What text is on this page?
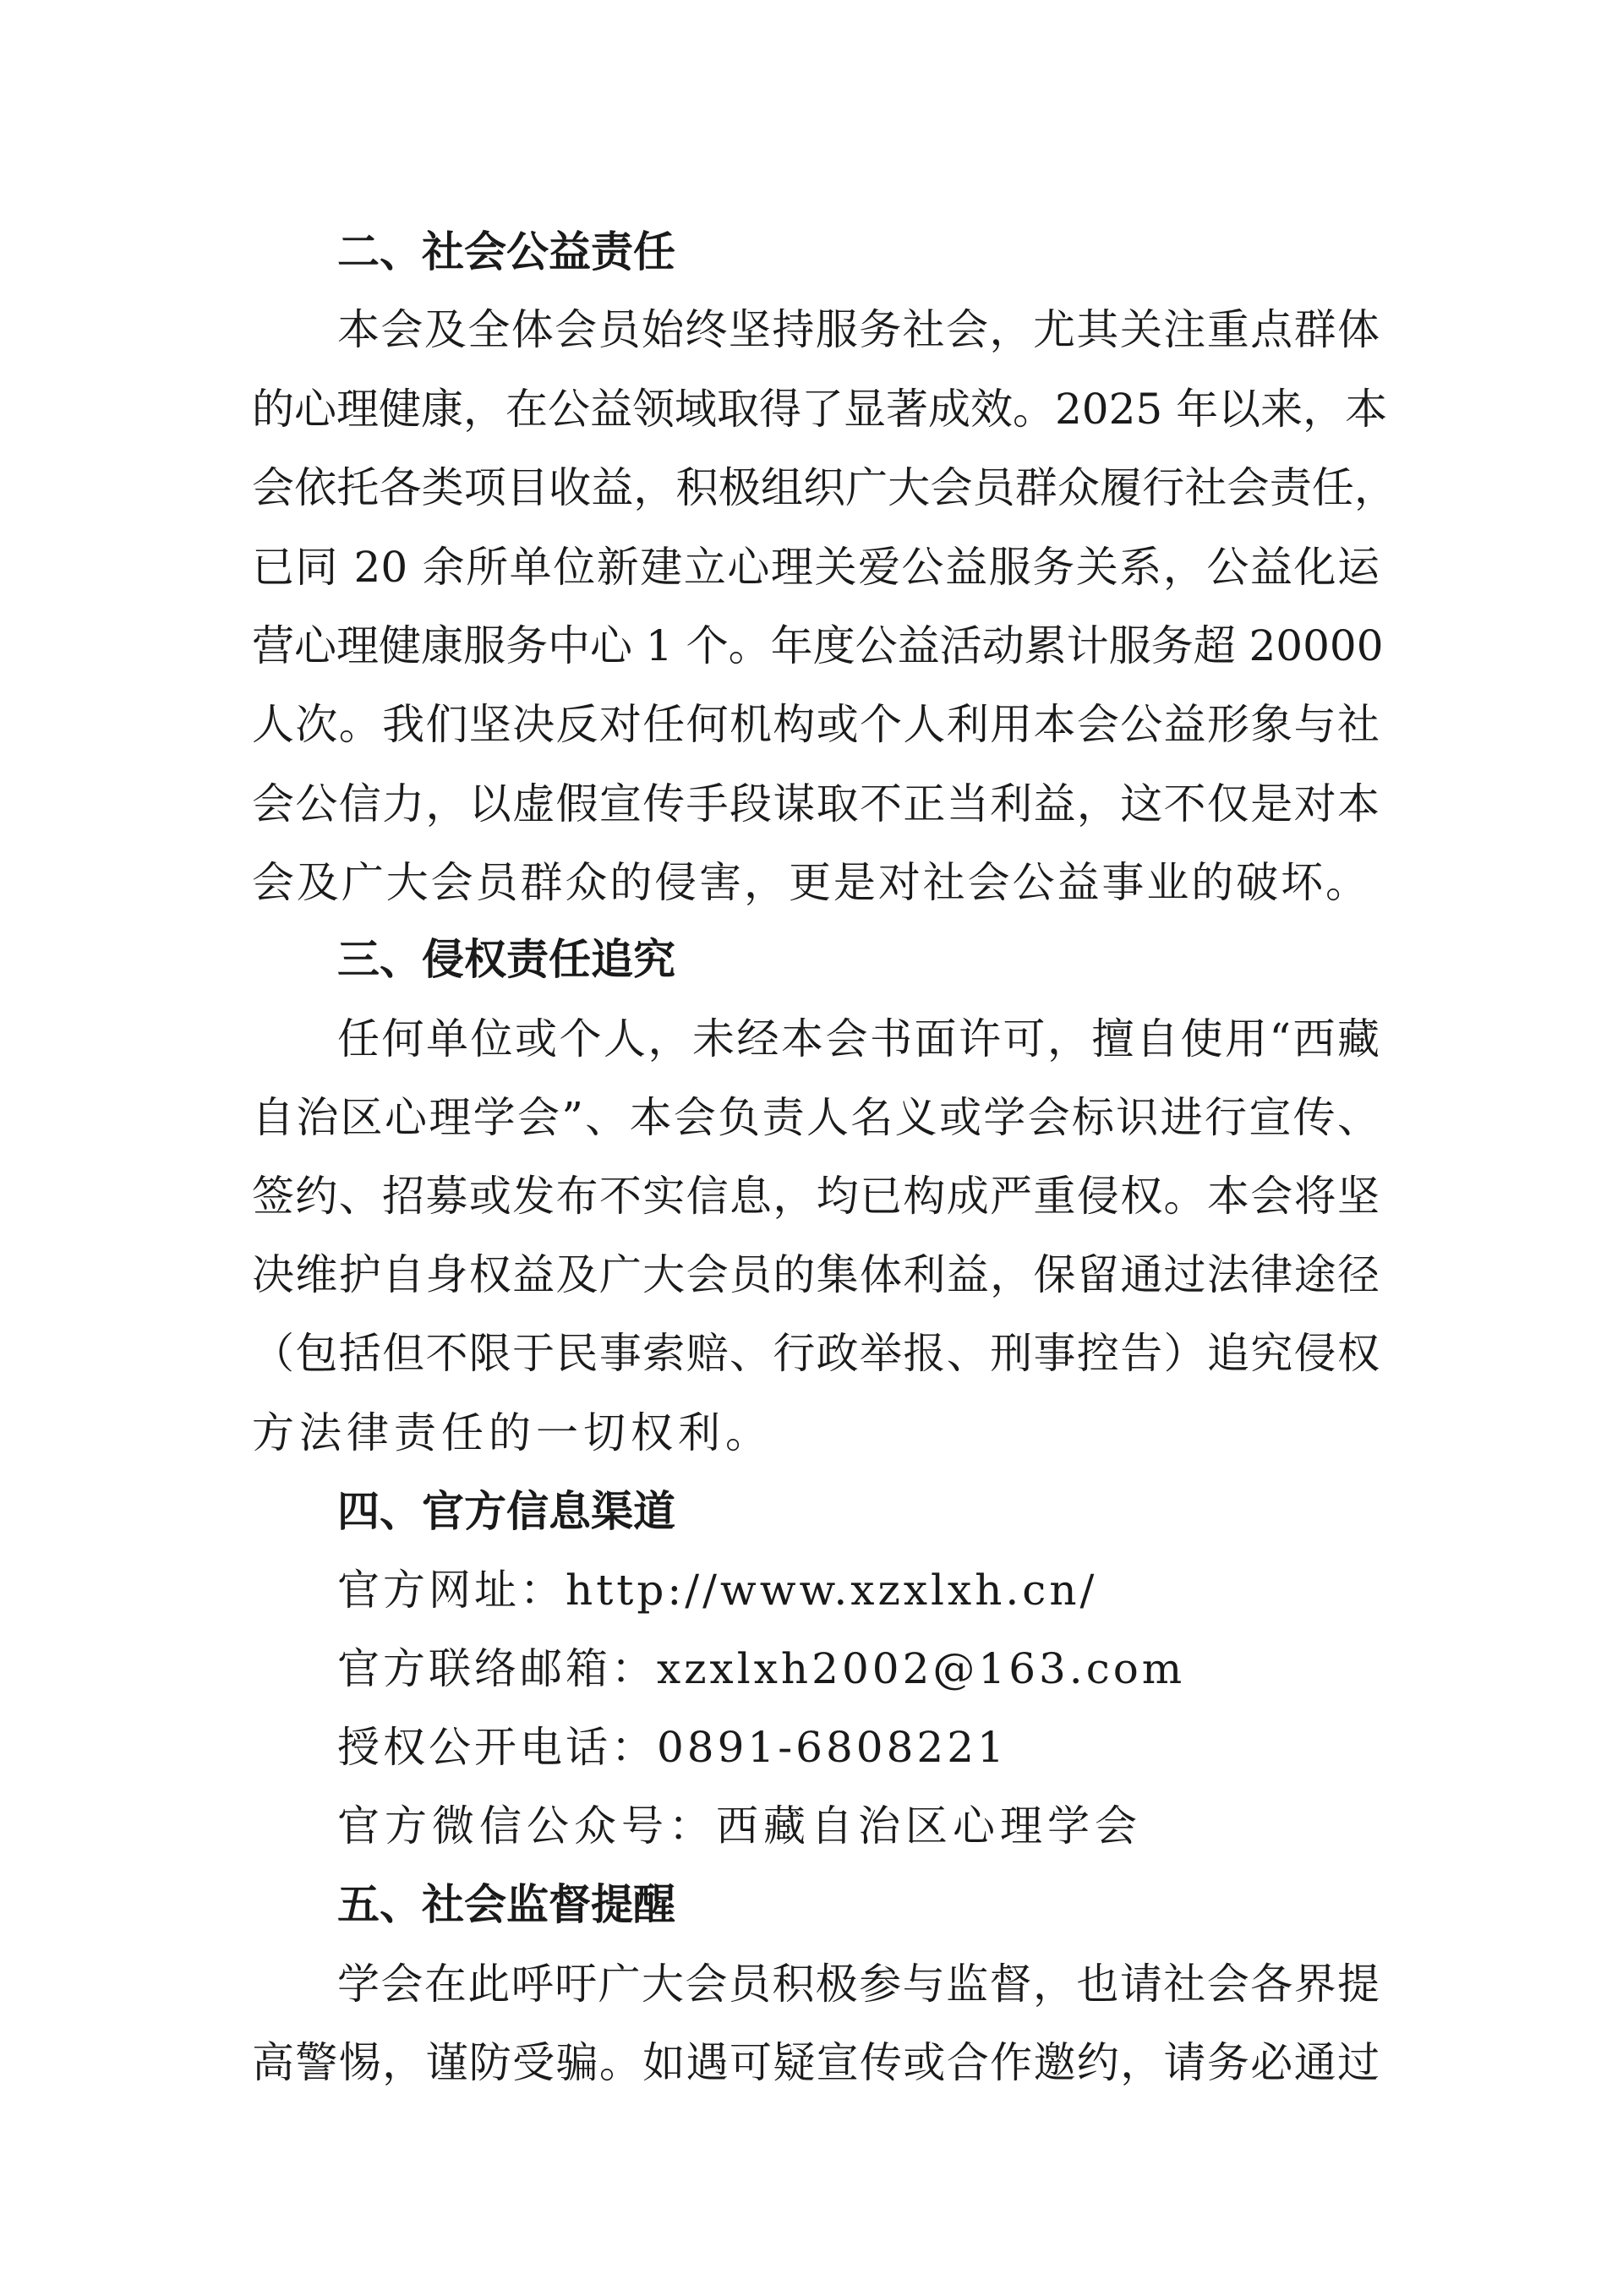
二、社会公益责任
本会及全体会员始终坚持服务社会，尤其关注重点群体
的心理健康，在公益领域取得了显著成效。2025 年以来，本
会依托各类项目收益，积极组织广大会员群众履行社会责任，
已同 20 余所单位新建立心理关爱公益服务关系，公益化运
营心理健康服务中心 1 个。年度公益活动累计服务超 20000
人次。我们坚决反对任何机构或个人利用本会公益形象与社
会公信力，以虚假宣传手段谋取不正当利益，这不仅是对本
会及广大会员群众的侵害，更是对社会公益事业的破坏。
三、侵权责任追究
任何单位或个人，未经本会书面许可，擅自使用“西藏
自治区心理学会”、本会负责人名义或学会标识进行宣传、
签约、招募或发布不实信息，均已构成严重侵权。本会将坚
决维护自身权益及广大会员的集体利益，保留通过法律途径
（包括但不限于民事索赔、行政举报、刑事控告）追究侵权
方法律责任的一切权利。
四、官方信息渠道
官方网址：http://www.xzxlxh.cn/
官方联络邮箱：xzxlxh2002@163.com
授权公开电话：0891-6808221
官方微信公众号：西藏自治区心理学会
五、社会监督提醒
学会在此呼吁广大会员积极参与监督，也请社会各界提
高警惕，谨防受骗。如遇可疑宣传或合作邀约，请务必通过
